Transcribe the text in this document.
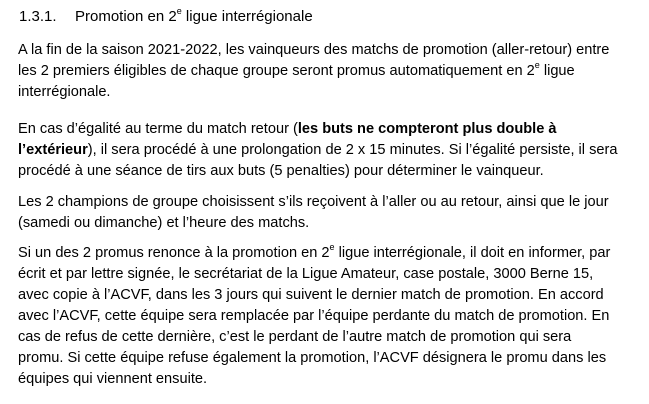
1.3.1. Promotion en 2e ligue interrégionale
A la fin de la saison 2021-2022, les vainqueurs des matchs de promotion (aller-retour) entre
les 2 premiers éligibles de chaque groupe seront promus automatiquement en 2e ligue
interrégionale.
En cas d’égalité au terme du match retour (les buts ne compteront plus double à
l’extérieur), il sera procédé à une prolongation de 2 x 15 minutes. Si l’égalité persiste, il sera
procédé à une séance de tirs aux buts (5 penalties) pour déterminer le vainqueur.
Les 2 champions de groupe choisissent s’ils reçoivent à l’aller ou au retour, ainsi que le jour
(samedi ou dimanche) et l’heure des matchs.
Si un des 2 promus renonce à la promotion en 2e ligue interrégionale, il doit en informer, par
écrit et par lettre signée, le secrétariat de la Ligue Amateur, case postale, 3000 Berne 15,
avec copie à l’ACVF, dans les 3 jours qui suivent le dernier match de promotion. En accord
avec l’ACVF, cette équipe sera remplacée par l’équipe perdante du match de promotion. En
cas de refus de cette dernière, c’est le perdant de l’autre match de promotion qui sera
promu. Si cette équipe refuse également la promotion, l’ACVF désignera le promu dans les
équipes qui viennent ensuite.
